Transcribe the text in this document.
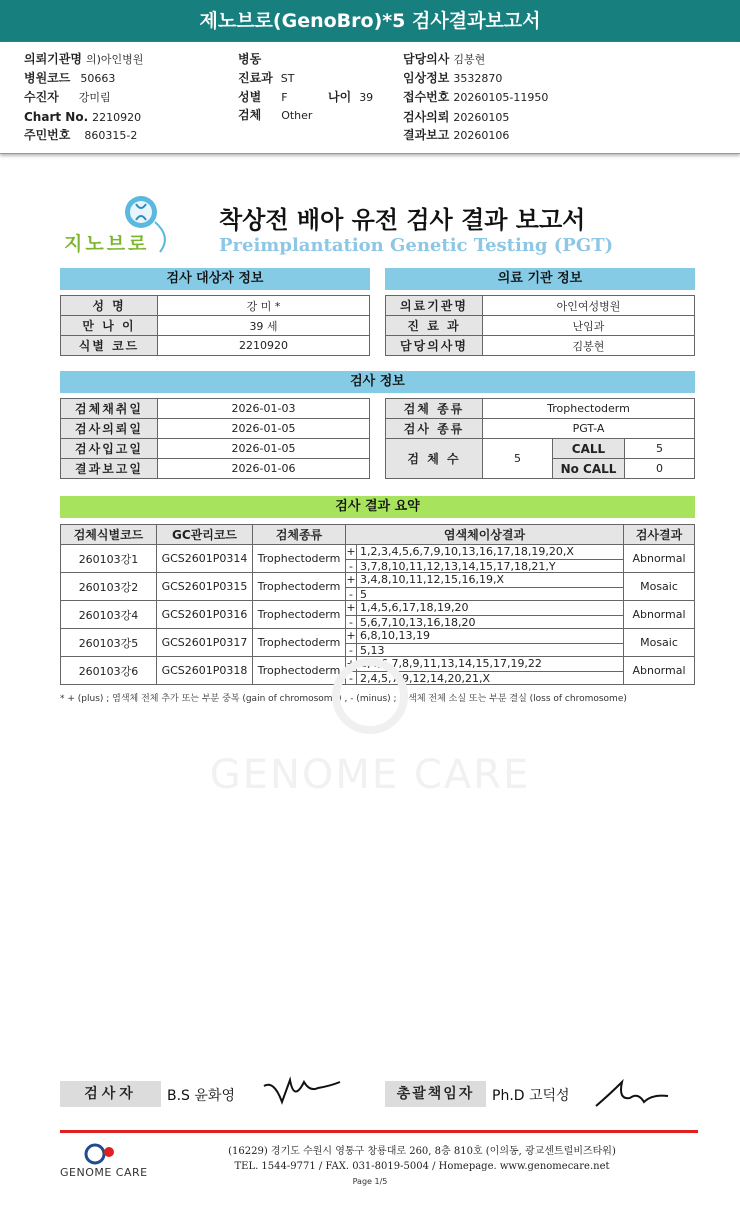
제노브로(GenoBro)*5 검사결과보고서
의뢰기관명 의)아인병원
병원코드 50663
수진자 강미림
Chart No. 2210920
주민번호 860315-2
병동
진료과 ST
성별 F	나이 39
검체 Other
담당의사 김봉현
임상정보 3532870
접수번호 20260105-11950
검사의뢰 20260105
결과보고 20260106
지노브로
착상전 배아 유전 검사 결과 보고서
Preimplantation Genetic Testing (PGT)
검사 대상자 정보
성 명	강 미 *
만 나 이	39 세
식별 코드	2210920
의료 기관 정보
의료기관명	아인여성병원
진 료 과	난임과
담당의사명	김봉현
검사 정보
검체채취일	2026-01-03
검사의뢰일	2026-01-05
검사입고일	2026-01-05
결과보고일	2026-01-06
검체 종류	Trophectoderm		
검사 종류	PGT-A		
검 체 수	5	CALL	5
		No CALL	0
검사 결과 요약
검체식별코드	GC관리코드	검체종류	염색체이상결과	검사결과
260103강1	GCS2601P0314	Trophectoderm	+ 1,2,3,4,5,6,7,9,10,13,16,17,18,19,20,X
- 3,7,8,10,11,12,13,14,15,17,18,21,Y	Abnormal
260103강2	GCS2601P0315	Trophectoderm	+ 3,4,8,10,11,12,15,16,19,X
- 5	Mosaic
260103강4	GCS2601P0316	Trophectoderm	+ 1,4,5,6,17,18,19,20
- 5,6,7,10,13,16,18,20	Abnormal
260103강5	GCS2601P0317	Trophectoderm	+ 6,8,10,13,19
- 5,13	Mosaic
260103강6	GCS2601P0318	Trophectoderm	+ 1,4,6,7,8,9,11,13,14,15,17,19,22
- 2,4,5,7,9,12,14,20,21,X	Abnormal
* + (plus) ; 염색체 전체 추가 또는 부분 중복 (gain of chromosome) , - (minus) ; 염색체 전체 소실 또는 부분 결실 (loss of chromosome)
GENOME CARE
검사자	B.S 윤화영	총괄책임자	Ph.D 고덕성
GENOME CARE
(16229) 경기도 수원시 영통구 창룡대로 260, 8층 810호 (이의동, 광교센트럴비즈타워)
TEL. 1544-9771 / FAX. 031-8019-5004 / Homepage. www.genomecare.net
Page 1/5
